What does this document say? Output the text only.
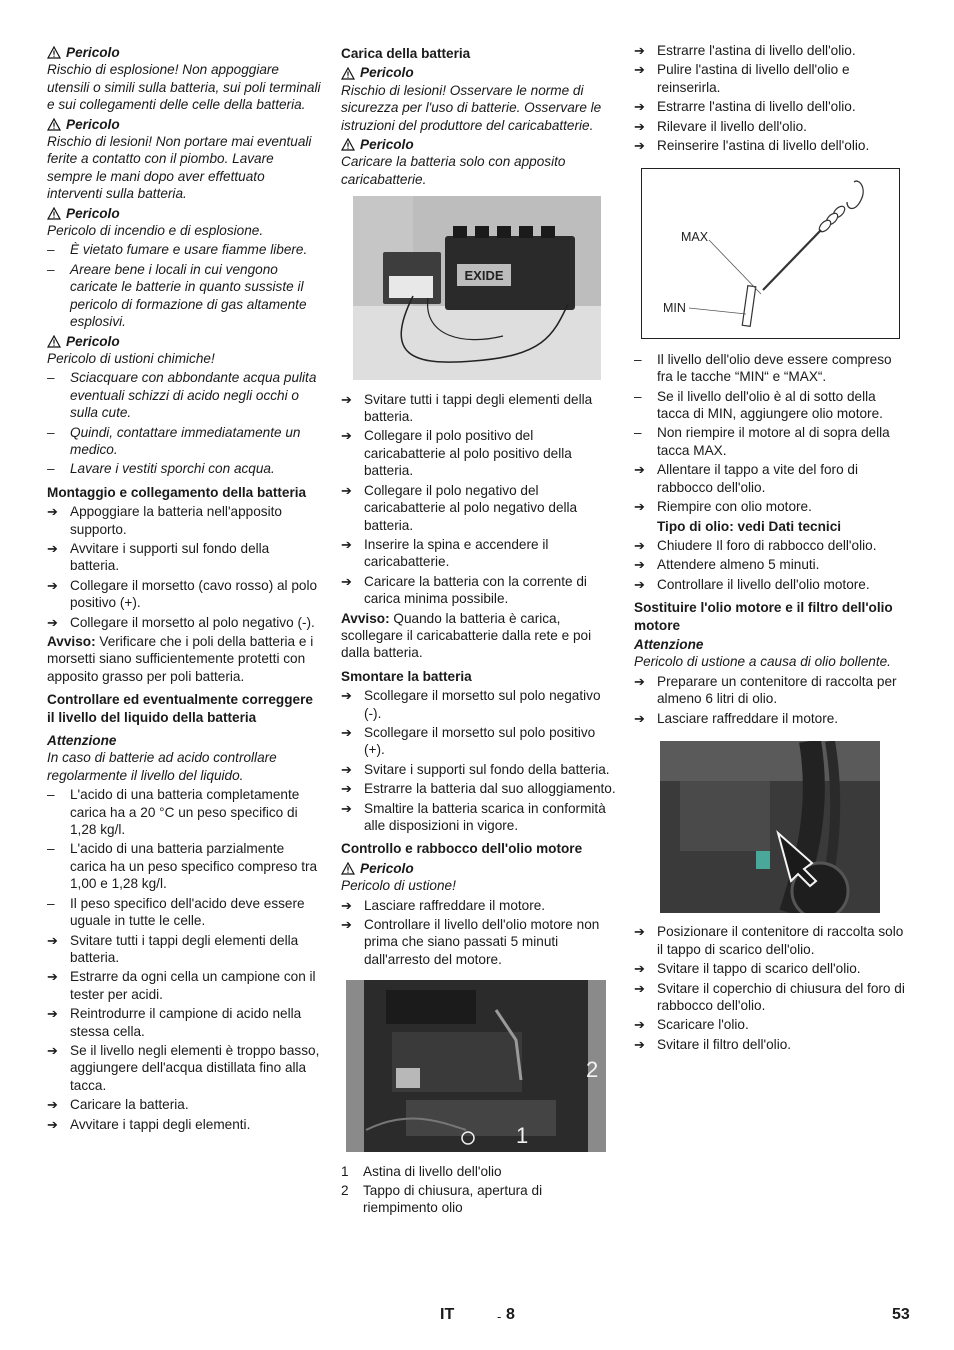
Pericolo
Rischio di esplosione! Non appoggiare utensili o simili sulla batteria, sui poli terminali e sui collegamenti delle celle della batteria.
Pericolo
Rischio di lesioni! Non portare mai eventuali ferite a contatto con il piombo. Lavare sempre le mani dopo aver effettuato interventi sulla batteria.
Pericolo
Pericolo di incendio e di esplosione.
–	È vietato fumare e usare fiamme libere.
–	Areare bene i locali in cui vengono caricate le batterie in quanto sussiste il pericolo di formazione di gas altamente esplosivi.
Pericolo
Pericolo di ustioni chimiche!
–	Sciacquare con abbondante acqua pulita eventuali schizzi di acido negli occhi o sulla cute.
–	Quindi, contattare immediatamente un medico.
–	Lavare i vestiti sporchi con acqua.
Montaggio e collegamento della batteria
➔ Appoggiare la batteria nell'apposito supporto.
➔ Avvitare i supporti sul fondo della batteria.
➔ Collegare il morsetto (cavo rosso) al polo positivo (+).
➔ Collegare il morsetto al polo negativo (-).
Avviso: Verificare che i poli della batteria e i morsetti siano sufficientemente protetti con apposito grasso per poli batteria.
Controllare ed eventualmente correggere il livello del liquido della batteria
Attenzione
In caso di batterie ad acido controllare regolarmente il livello del liquido.
–	L'acido di una batteria completamente carica ha a 20 °C un peso specifico di 1,28 kg/l.
–	L'acido di una batteria parzialmente carica ha un peso specifico compreso tra 1,00 e 1,28 kg/l.
–	Il peso specifico dell'acido deve essere uguale in tutte le celle.
➔ Svitare tutti i tappi degli elementi della batteria.
➔ Estrarre da ogni cella un campione con il tester per acidi.
➔ Reintrodurre il campione di acido nella stessa cella.
➔ Se il livello negli elementi è troppo basso, aggiungere dell'acqua distillata fino alla tacca.
➔ Caricare la batteria.
➔ Avvitare i tappi degli elementi.
Carica della batteria
Pericolo
Rischio di lesioni! Osservare le norme di sicurezza per l'uso di batterie. Osservare le istruzioni del produttore del caricabatterie.
Pericolo
Caricare la batteria solo con apposito caricabatterie.
EXIDE
➔ Svitare tutti i tappi degli elementi della batteria.
➔ Collegare il polo positivo del caricabatterie al polo positivo della batteria.
➔ Collegare il polo negativo del caricabatterie al polo negativo della batteria.
➔ Inserire la spina e accendere il caricabatterie.
➔ Caricare la batteria con la corrente di carica minima possibile.
Avviso: Quando la batteria è carica, scollegare il caricabatterie dalla rete e poi dalla batteria.
Smontare la batteria
➔ Scollegare il morsetto sul polo negativo (-).
➔ Scollegare il morsetto sul polo positivo (+).
➔ Svitare i supporti sul fondo della batteria.
➔ Estrarre la batteria dal suo alloggiamento.
➔ Smaltire la batteria scarica in conformità alle disposizioni in vigore.
Controllo e rabbocco dell'olio motore
Pericolo
Pericolo di ustione!
➔ Lasciare raffreddare il motore.
➔ Controllare il livello dell'olio motore non prima che siano passati 5 minuti dall'arresto del motore.
2
1
1	Astina di livello dell'olio
2	Tappo di chiusura, apertura di riempimento olio
➔ Estrarre l'astina di livello dell'olio.
➔ Pulire l'astina di livello dell'olio e reinserirla.
➔ Estrarre l'astina di livello dell'olio.
➔ Rilevare il livello dell'olio.
➔ Reinserire l'astina di livello dell'olio.
MAX
MIN
–	Il livello dell'olio deve essere compreso fra le tacche “MIN“ e “MAX“.
–	Se il livello dell'olio è al di sotto della tacca di MIN, aggiungere olio motore.
–	Non riempire il motore al di sopra della tacca MAX.
➔ Allentare il tappo a vite del foro di rabbocco dell'olio.
➔ Riempire con olio motore.
Tipo di olio: vedi Dati tecnici
➔ Chiudere Il foro di rabbocco dell'olio.
➔ Attendere almeno 5 minuti.
➔ Controllare il livello dell'olio motore.
Sostituire l'olio motore e il filtro dell'olio motore
Attenzione
Pericolo di ustione a causa di olio bollente.
➔ Preparare un contenitore di raccolta per almeno 6 litri di olio.
➔ Lasciare raffreddare il motore.
➔ Posizionare il contenitore di raccolta solo il tappo di scarico dell'olio.
➔ Svitare il tappo di scarico dell'olio.
➔ Svitare il coperchio di chiusura del foro di rabbocco dell'olio.
➔ Scaricare l'olio.
➔ Svitare il filtro dell'olio.
IT	- 8	53
